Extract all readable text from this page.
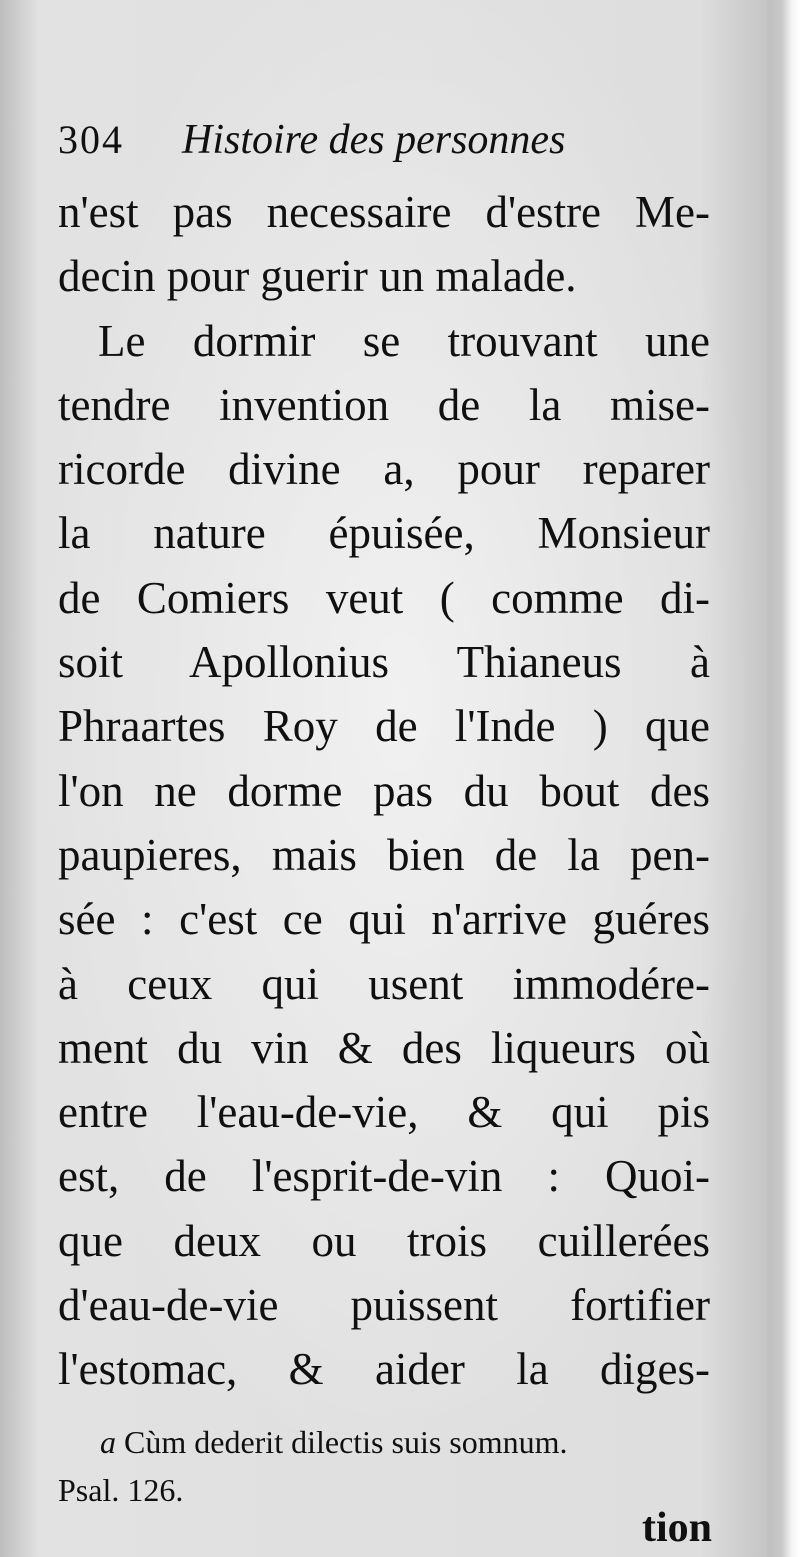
304 Histoire des personnes
n'est pas necessaire d'estre Me-
decin pour guerir un malade.
Le dormir se trouvant une
tendre invention de la mise-
ricorde divine a, pour reparer
la nature épuisée, Monsieur
de Comiers veut ( comme di-
soit Apollonius Thianeus à
Phraartes Roy de l'Inde ) que
l'on ne dorme pas du bout des
paupieres, mais bien de la pen-
sée : c'est ce qui n'arrive guéres
à ceux qui usent immodére-
ment du vin & des liqueurs où
entre l'eau-de-vie, & qui pis
est, de l'esprit-de-vin : Quoi-
que deux ou trois cuillerées
d'eau-de-vie puissent fortifier
l'estomac, & aider la diges-
a Cùm dederit dilectis suis somnum.
Psal. 126.
tion
